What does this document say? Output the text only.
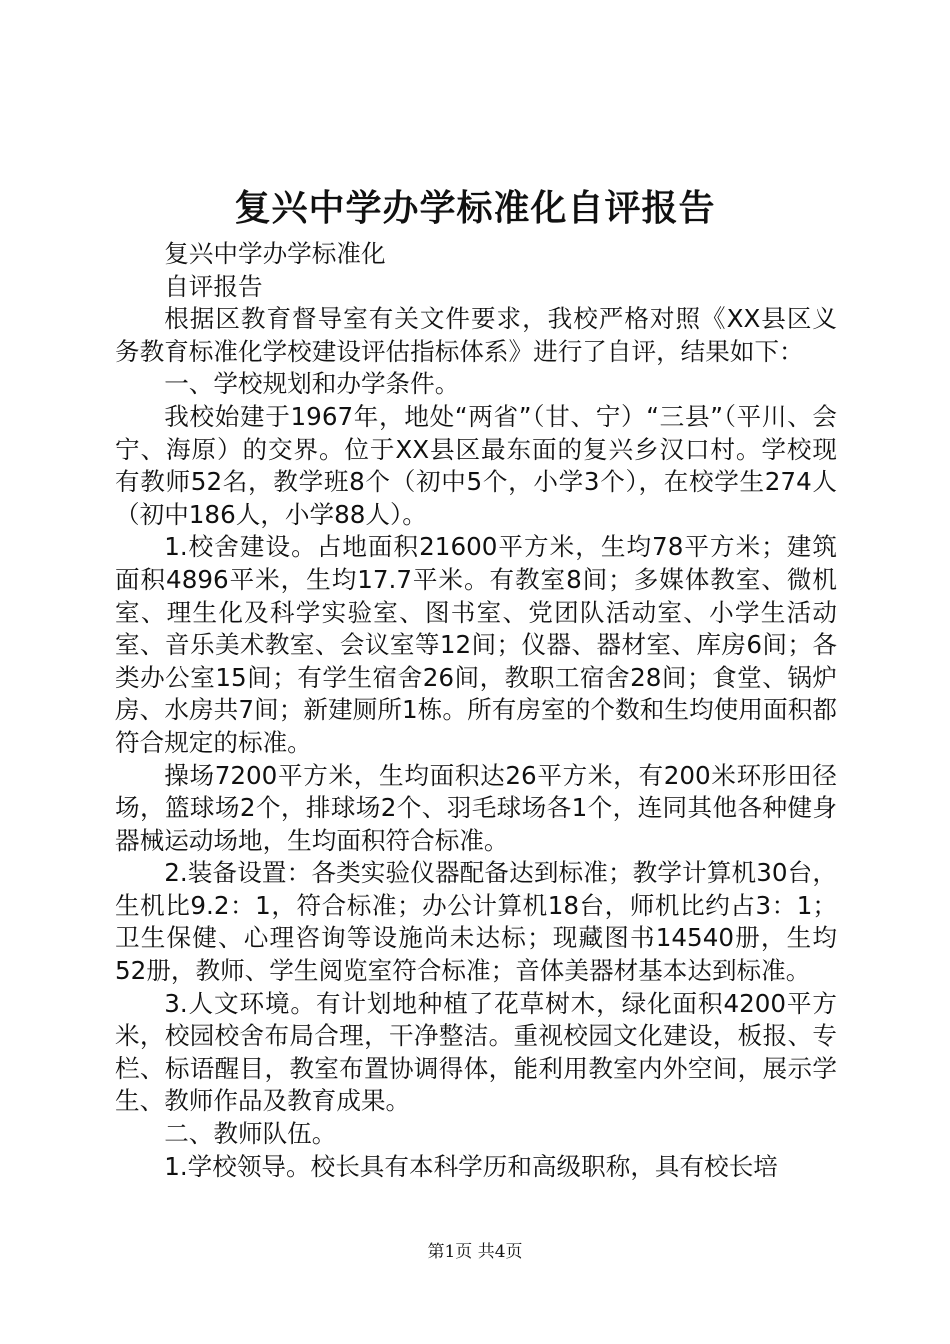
复兴中学办学标准化自评报告

复兴中学办学标准化

自评报告

根据区教育督导室有关文件要求，我校严格对照《XX县区义务教育标准化学校建设评估指标体系》进行了自评，结果如下：

一、学校规划和办学条件。

我校始建于1967年，地处“两省”（甘、宁）“三县”（平川、会宁、海原）的交界。位于XX县区最东面的复兴乡汉口村。学校现有教师52名，教学班8个（初中5个，小学3个），在校学生274人（初中186人，小学88人）。

1.校舍建设。占地面积21600平方米，生均78平方米；建筑面积4896平米，生均17.7平米。有教室8间；多媒体教室、微机室、理生化及科学实验室、图书室、党团队活动室、小学生活动室、音乐美术教室、会议室等12间；仪器、器材室、库房6间；各类办公室15间；有学生宿舍26间，教职工宿舍28间；食堂、锅炉房、水房共7间；新建厕所1栋。所有房室的个数和生均使用面积都符合规定的标准。

操场7200平方米，生均面积达26平方米，有200米环形田径场，篮球场2个，排球场2个、羽毛球场各1个，连同其他各种健身器械运动场地，生均面积符合标准。

2.装备设置：各类实验仪器配备达到标准；教学计算机30台，生机比9.2：1，符合标准；办公计算机18台，师机比约占3：1；卫生保健、心理咨询等设施尚未达标；现藏图书14540册，生均52册，教师、学生阅览室符合标准；音体美器材基本达到标准。

3.人文环境。有计划地种植了花草树木，绿化面积4200平方米，校园校舍布局合理，干净整洁。重视校园文化建设，板报、专栏、标语醒目，教室布置协调得体，能利用教室内外空间，展示学生、教师作品及教育成果。

二、教师队伍。

1.学校领导。校长具有本科学历和高级职称，具有校长培

第1页 共4页
